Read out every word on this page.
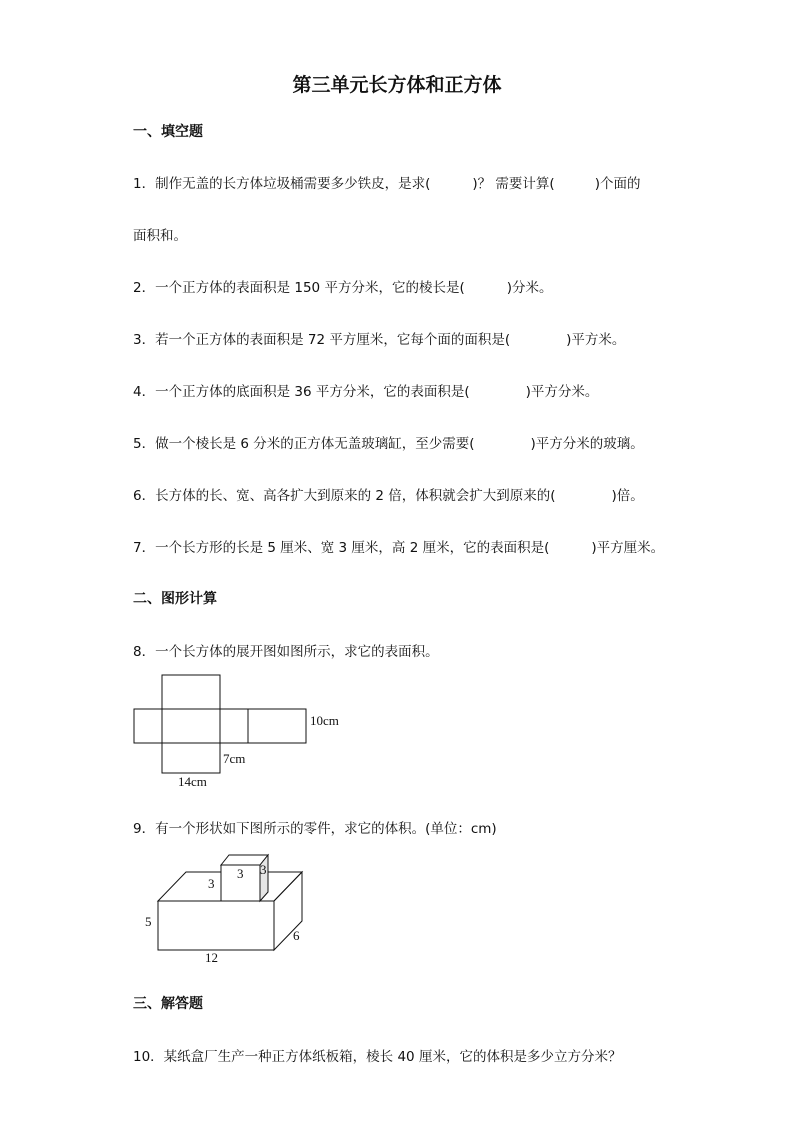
第三单元长方体和正方体
一、填空题
1．制作无盖的长方体垃圾桶需要多少铁皮，是求(	)？ 需要计算(	)个面的
面积和。
2．一个正方体的表面积是 150 平方分米，它的棱长是(	)分米。
3．若一个正方体的表面积是 72 平方厘米，它每个面的面积是(	)平方米。
4．一个正方体的底面积是 36 平方分米，它的表面积是(	)平方分米。
5．做一个棱长是 6 分米的正方体无盖玻璃缸，至少需要(	)平方分米的玻璃。
6．长方体的长、宽、高各扩大到原来的 2 倍，体积就会扩大到原来的(	)倍。
7．一个长方形的长是 5 厘米、宽 3 厘米，高 2 厘米，它的表面积是(	)平方厘米。
二、图形计算
8．一个长方体的展开图如图所示，求它的表面积。
10cm
7cm
14cm
9．有一个形状如下图所示的零件，求它的体积。(单位：cm)
3
3
3
5
12
6
三、解答题
10．某纸盒厂生产一种正方体纸板箱，棱长 40 厘米，它的体积是多少立方分米？
